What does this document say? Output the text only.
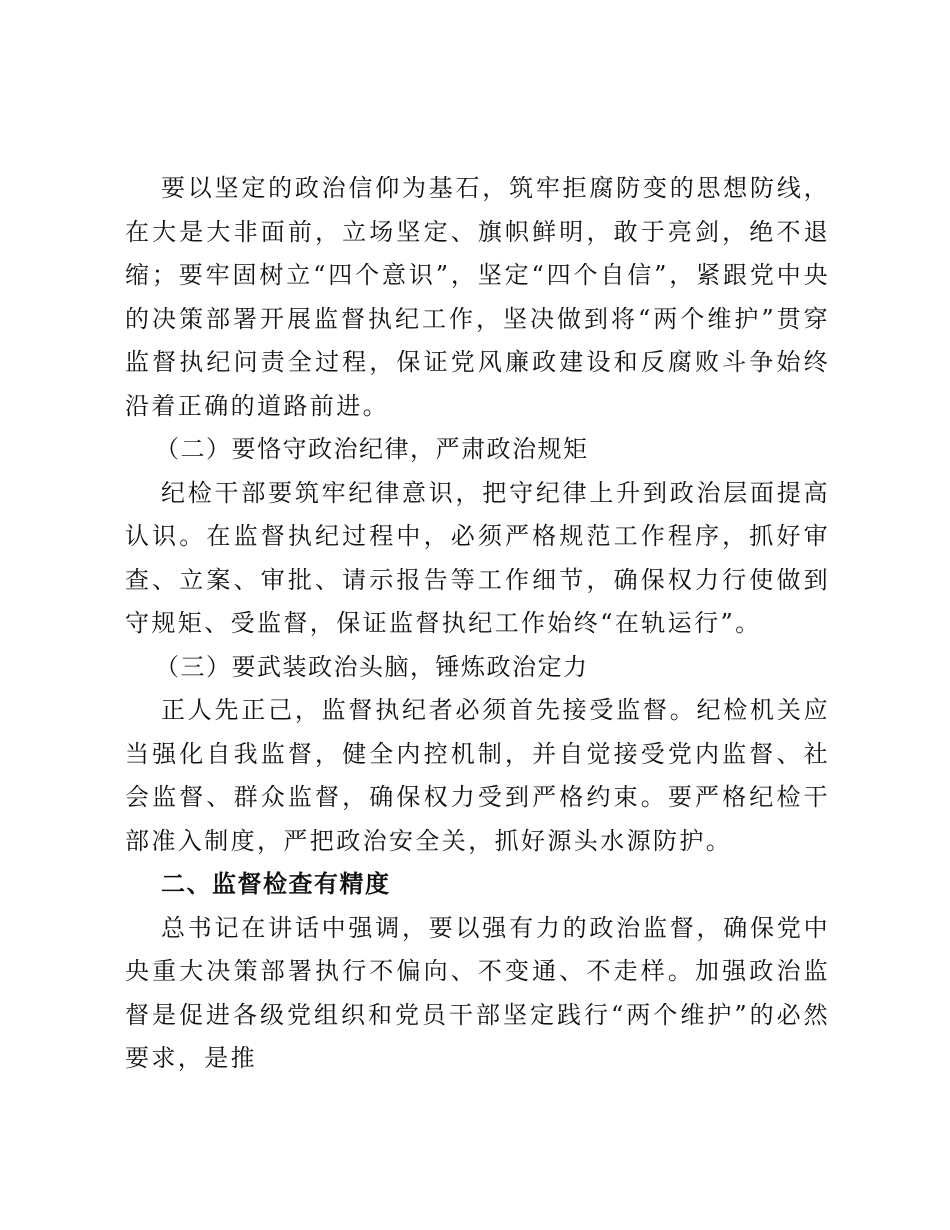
要以坚定的政治信仰为基石，筑牢拒腐防变的思想防线，在大是大非面前，立场坚定、旗帜鲜明，敢于亮剑，绝不退缩；要牢固树立“四个意识”，坚定“四个自信”，紧跟党中央的决策部署开展监督执纪工作，坚决做到将“两个维护”贯穿监督执纪问责全过程，保证党风廉政建设和反腐败斗争始终沿着正确的道路前进。

（二）要恪守政治纪律，严肃政治规矩

纪检干部要筑牢纪律意识，把守纪律上升到政治层面提高认识。在监督执纪过程中，必须严格规范工作程序，抓好审查、立案、审批、请示报告等工作细节，确保权力行使做到守规矩、受监督，保证监督执纪工作始终“在轨运行”。

（三）要武装政治头脑，锤炼政治定力

正人先正己，监督执纪者必须首先接受监督。纪检机关应当强化自我监督，健全内控机制，并自觉接受党内监督、社会监督、群众监督，确保权力受到严格约束。要严格纪检干部准入制度，严把政治安全关，抓好源头水源防护。

二、监督检查有精度

总书记在讲话中强调，要以强有力的政治监督，确保党中央重大决策部署执行不偏向、不变通、不走样。加强政治监督是促进各级党组织和党员干部坚定践行“两个维护”的必然要求，是推
